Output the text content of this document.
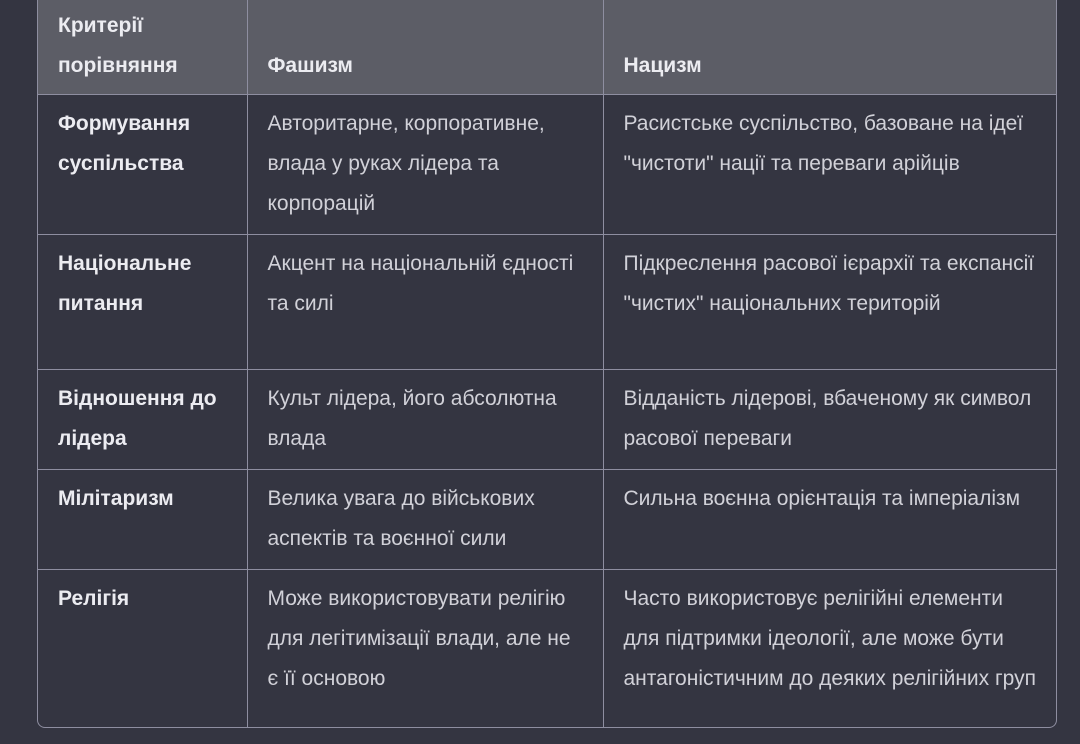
Критерії порівняння	Фашизм	Нацизм
Формування суспільства	Авторитарне, корпоративне, влада у руках лідера та корпорацій	Расистське суспільство, базоване на ідеї "чистоти" нації та переваги арійців
Національне питання	Акцент на національній єдності та силі	Підкреслення расової ієрархії та експансії "чистих" національних територій
Відношення до лідера	Культ лідера, його абсолютна влада	Відданість лідерові, вбаченому як символ расової переваги
Мілітаризм	Велика увага до військових аспектів та воєнної сили	Сильна воєнна орієнтація та імперіалізм
Релігія	Може використовувати релігію для легітимізації влади, але не є її основою	Часто використовує релігійні елементи для підтримки ідеології, але може бути антагоністичним до деяких релігійних груп
